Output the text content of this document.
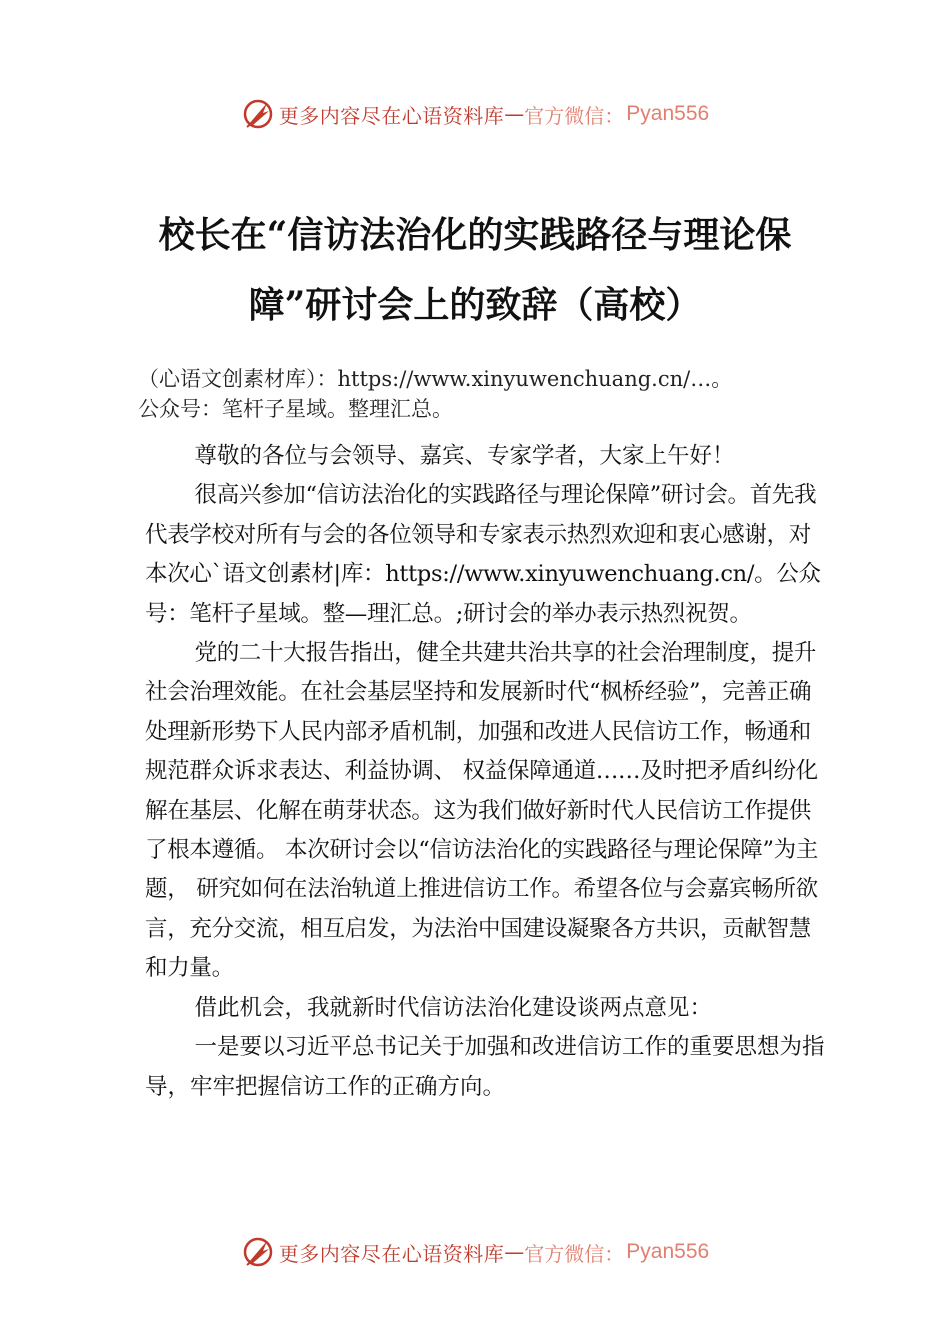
更多内容尽在心语资料库 — 官方微信： Pyan556
校长在“信访法治化的实践路径与理论保
障”研讨会上的致辞（高校）

（心语文创素材库）：https://www.xinyuwenchuang.cn/…。

公众号：笔杆子星域。整理汇总。

尊敬的各位与会领导、嘉宾、专家学者，大家上午好！

很高兴参加“信访法治化的实践路径与理论保障”研讨会。首先我代表学校对所有与会的各位领导和专家表示热烈欢迎和衷心感谢，对本次心`语文创素材|库：https://www.xinyuwenchuang.cn/。公众号：笔杆子星域。整—理汇总。;研讨会的举办表示热烈祝贺。

党的二十大报告指出，健全共建共治共享的社会治理制度，提升社会治理效能。在社会基层坚持和发展新时代“枫桥经验”，完善正确处理新形势下人民内部矛盾机制，加强和改进人民信访工作，畅通和规范群众诉求表达、利益协调、 权益保障通道……及时把矛盾纠纷化解在基层、化解在萌芽状态。这为我们做好新时代人民信访工作提供了根本遵循。 本次研讨会以“信访法治化的实践路径与理论保障”为主题， 研究如何在法治轨道上推进信访工作。希望各位与会嘉宾畅所欲言，充分交流，相互启发，为法治中国建设凝聚各方共识，贡献智慧和力量。

借此机会，我就新时代信访法治化建设谈两点意见：

一是要以习近平总书记关于加强和改进信访工作的重要思想为指导，牢牢把握信访工作的正确方向。

更多内容尽在心语资料库 — 官方微信： Pyan556
